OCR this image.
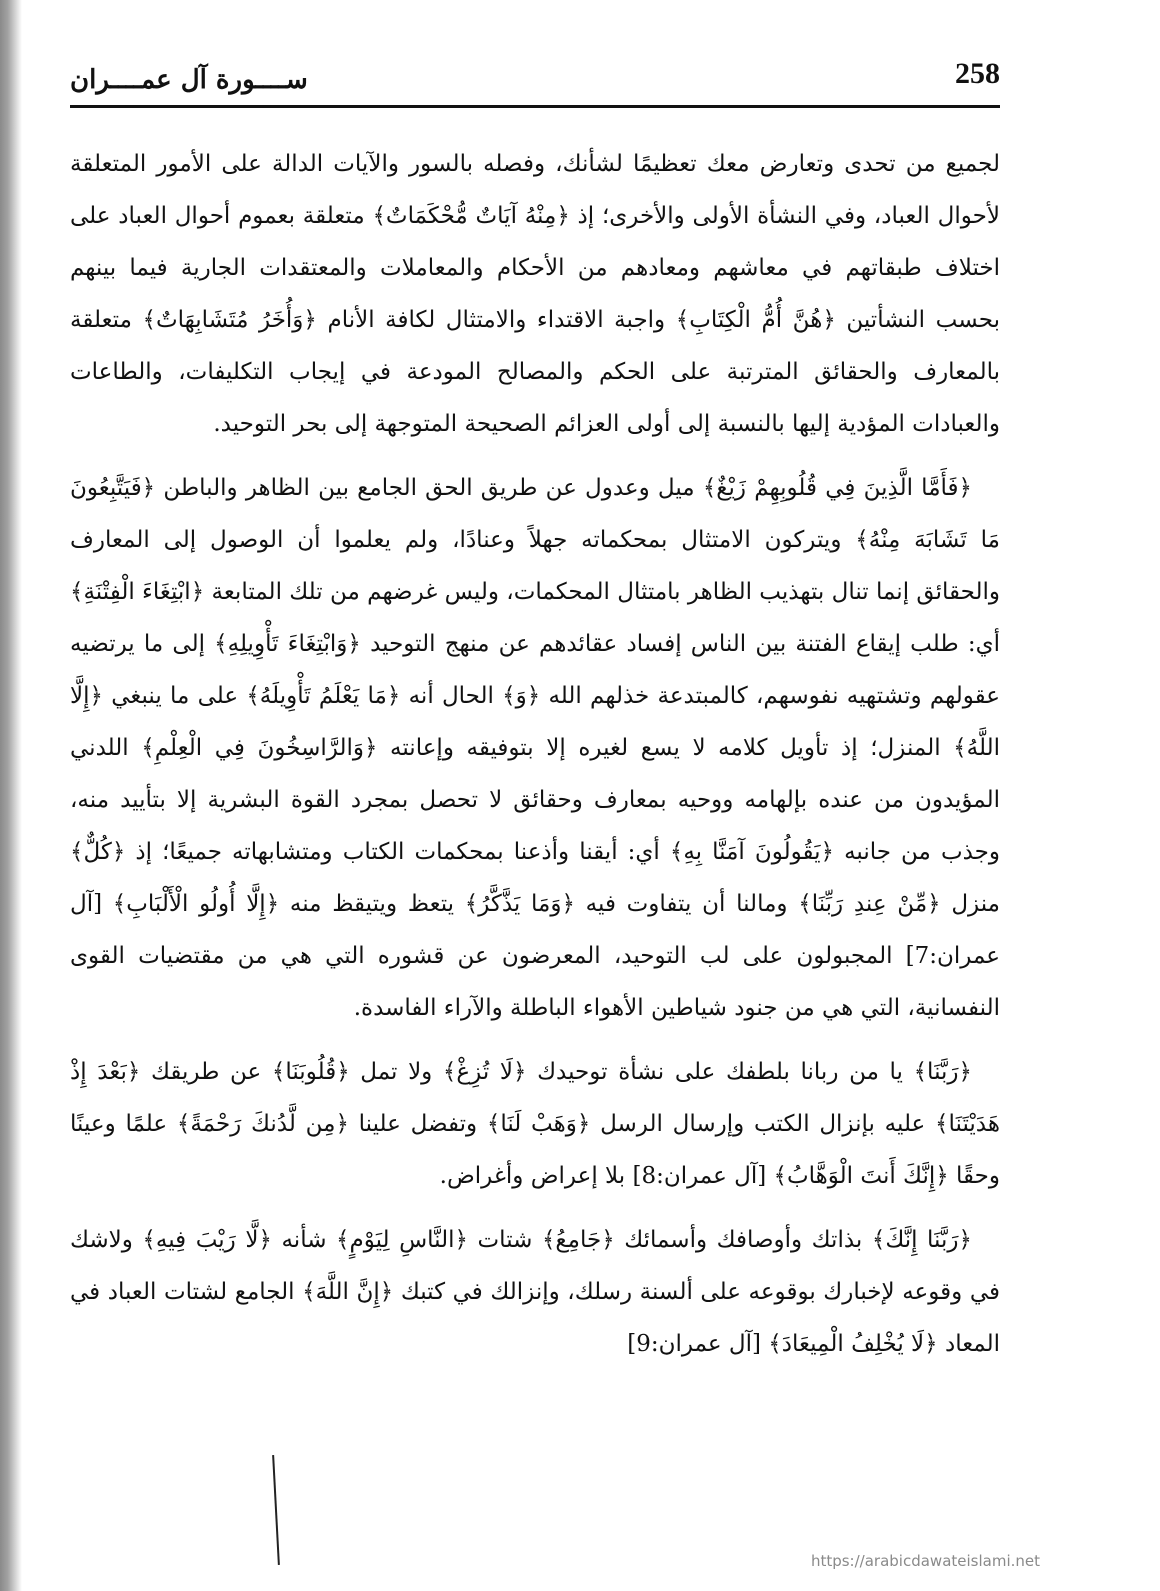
258
ســــورة آل عمــــران

لجميع من تحدى وتعارض معك تعظيمًا لشأنك، وفصله بالسور والآيات الدالة على الأمور المتعلقة لأحوال العباد، وفي النشأة الأولى والأخرى؛ إذ ﴿مِنْهُ آيَاتٌ مُّحْكَمَاتٌ﴾ متعلقة بعموم أحوال العباد على اختلاف طبقاتهم في معاشهم ومعادهم من الأحكام والمعاملات والمعتقدات الجارية فيما بينهم بحسب النشأتين ﴿هُنَّ أُمُّ الْكِتَابِ﴾ واجبة الاقتداء والامتثال لكافة الأنام ﴿وَأُخَرُ مُتَشَابِهَاتٌ﴾ متعلقة بالمعارف والحقائق المترتبة على الحكم والمصالح المودعة في إيجاب التكليفات، والطاعات والعبادات المؤدية إليها بالنسبة إلى أولى العزائم الصحيحة المتوجهة إلى بحر التوحيد.

﴿فَأَمَّا الَّذِينَ فِي قُلُوبِهِمْ زَيْغٌ﴾ ميل وعدول عن طريق الحق الجامع بين الظاهر والباطن ﴿فَيَتَّبِعُونَ مَا تَشَابَهَ مِنْهُ﴾ ويتركون الامتثال بمحكماته جهلاً وعنادًا، ولم يعلموا أن الوصول إلى المعارف والحقائق إنما تنال بتهذيب الظاهر بامتثال المحكمات، وليس غرضهم من تلك المتابعة ﴿ابْتِغَاءَ الْفِتْنَةِ﴾ أي: طلب إيقاع الفتنة بين الناس إفساد عقائدهم عن منهج التوحيد ﴿وَابْتِغَاءَ تَأْوِيلِهِ﴾ إلى ما يرتضيه عقولهم وتشتهيه نفوسهم، كالمبتدعة خذلهم الله ﴿وَ﴾ الحال أنه ﴿مَا يَعْلَمُ تَأْوِيلَهُ﴾ على ما ينبغي ﴿إِلَّا اللَّهُ﴾ المنزل؛ إذ تأويل كلامه لا يسع لغيره إلا بتوفيقه وإعانته ﴿وَالرَّاسِخُونَ فِي الْعِلْمِ﴾ اللدني المؤيدون من عنده بإلهامه ووحيه بمعارف وحقائق لا تحصل بمجرد القوة البشرية إلا بتأييد منه، وجذب من جانبه ﴿يَقُولُونَ آمَنَّا بِهِ﴾ أي: أيقنا وأذعنا بمحكمات الكتاب ومتشابهاته جميعًا؛ إذ ﴿كُلٌّ﴾ منزل ﴿مِّنْ عِندِ رَبِّنَا﴾ ومالنا أن يتفاوت فيه ﴿وَمَا يَذَّكَّرُ﴾ يتعظ ويتيقظ منه ﴿إِلَّا أُولُو الْأَلْبَابِ﴾ [آل عمران:7] المجبولون على لب التوحيد، المعرضون عن قشوره التي هي من مقتضيات القوى النفسانية، التي هي من جنود شياطين الأهواء الباطلة والآراء الفاسدة.

﴿رَبَّنَا﴾ يا من ربانا بلطفك على نشأة توحيدك ﴿لَا تُزِغْ﴾ ولا تمل ﴿قُلُوبَنَا﴾ عن طريقك ﴿بَعْدَ إِذْ هَدَيْتَنَا﴾ عليه بإنزال الكتب وإرسال الرسل ﴿وَهَبْ لَنَا﴾ وتفضل علينا ﴿مِن لَّدُنكَ رَحْمَةً﴾ علمًا وعينًا وحقًا ﴿إِنَّكَ أَنتَ الْوَهَّابُ﴾ [آل عمران:8] بلا إعراض وأغراض.

﴿رَبَّنَا إِنَّكَ﴾ بذاتك وأوصافك وأسمائك ﴿جَامِعُ﴾ شتات ﴿النَّاسِ لِيَوْمٍ﴾ شأنه ﴿لَّا رَيْبَ فِيهِ﴾ ولاشك في وقوعه لإخبارك بوقوعه على ألسنة رسلك، وإنزالك في كتبك ﴿إِنَّ اللَّهَ﴾ الجامع لشتات العباد في المعاد ﴿لَا يُخْلِفُ الْمِيعَادَ﴾ [آل عمران:9]

https://arabicdawateislami.net
